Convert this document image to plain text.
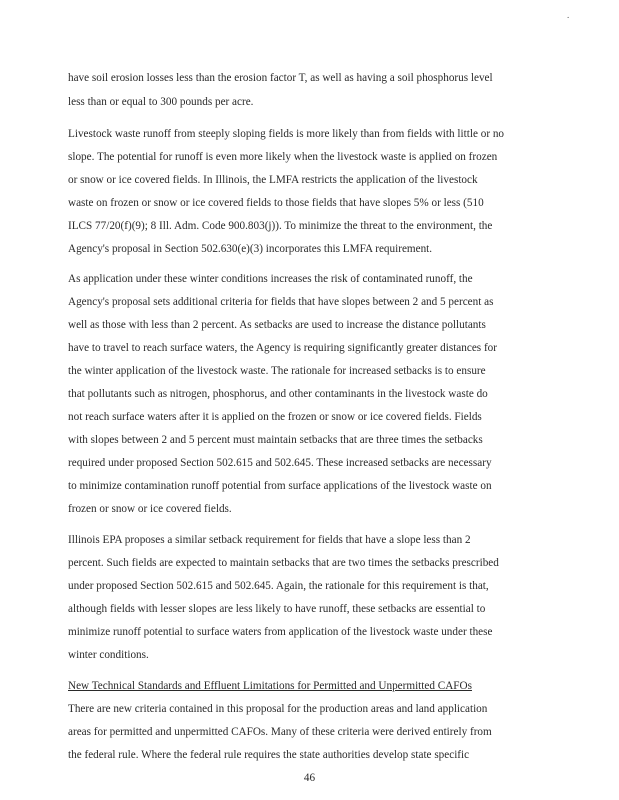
.
have soil erosion losses less than the erosion factor T, as well as having a soil phosphorus level
less than or equal to 300 pounds per acre.
Livestock waste runoff from steeply sloping fields is more likely than from fields with little or no
slope. The potential for runoff is even more likely when the livestock waste is applied on frozen
or snow or ice covered fields. In Illinois, the LMFA restricts the application of the livestock
waste on frozen or snow or ice covered fields to those fields that have slopes 5% or less (510
ILCS 77/20(f)(9); 8 Ill. Adm. Code 900.803(j)). To minimize the threat to the environment, the
Agency's proposal in Section 502.630(e)(3) incorporates this LMFA requirement.
As application under these winter conditions increases the risk of contaminated runoff, the
Agency's proposal sets additional criteria for fields that have slopes between 2 and 5 percent as
well as those with less than 2 percent. As setbacks are used to increase the distance pollutants
have to travel to reach surface waters, the Agency is requiring significantly greater distances for
the winter application of the livestock waste. The rationale for increased setbacks is to ensure
that pollutants such as nitrogen, phosphorus, and other contaminants in the livestock waste do
not reach surface waters after it is applied on the frozen or snow or ice covered fields. Fields
with slopes between 2 and 5 percent must maintain setbacks that are three times the setbacks
required under proposed Section 502.615 and 502.645. These increased setbacks are necessary
to minimize contamination runoff potential from surface applications of the livestock waste on
frozen or snow or ice covered fields.
Illinois EPA proposes a similar setback requirement for fields that have a slope less than 2
percent. Such fields are expected to maintain setbacks that are two times the setbacks prescribed
under proposed Section 502.615 and 502.645. Again, the rationale for this requirement is that,
although fields with lesser slopes are less likely to have runoff, these setbacks are essential to
minimize runoff potential to surface waters from application of the livestock waste under these
winter conditions.
New Technical Standards and Effluent Limitations for Permitted and Unpermitted CAFOs
There are new criteria contained in this proposal for the production areas and land application
areas for permitted and unpermitted CAFOs. Many of these criteria were derived entirely from
the federal rule. Where the federal rule requires the state authorities develop state specific
46
